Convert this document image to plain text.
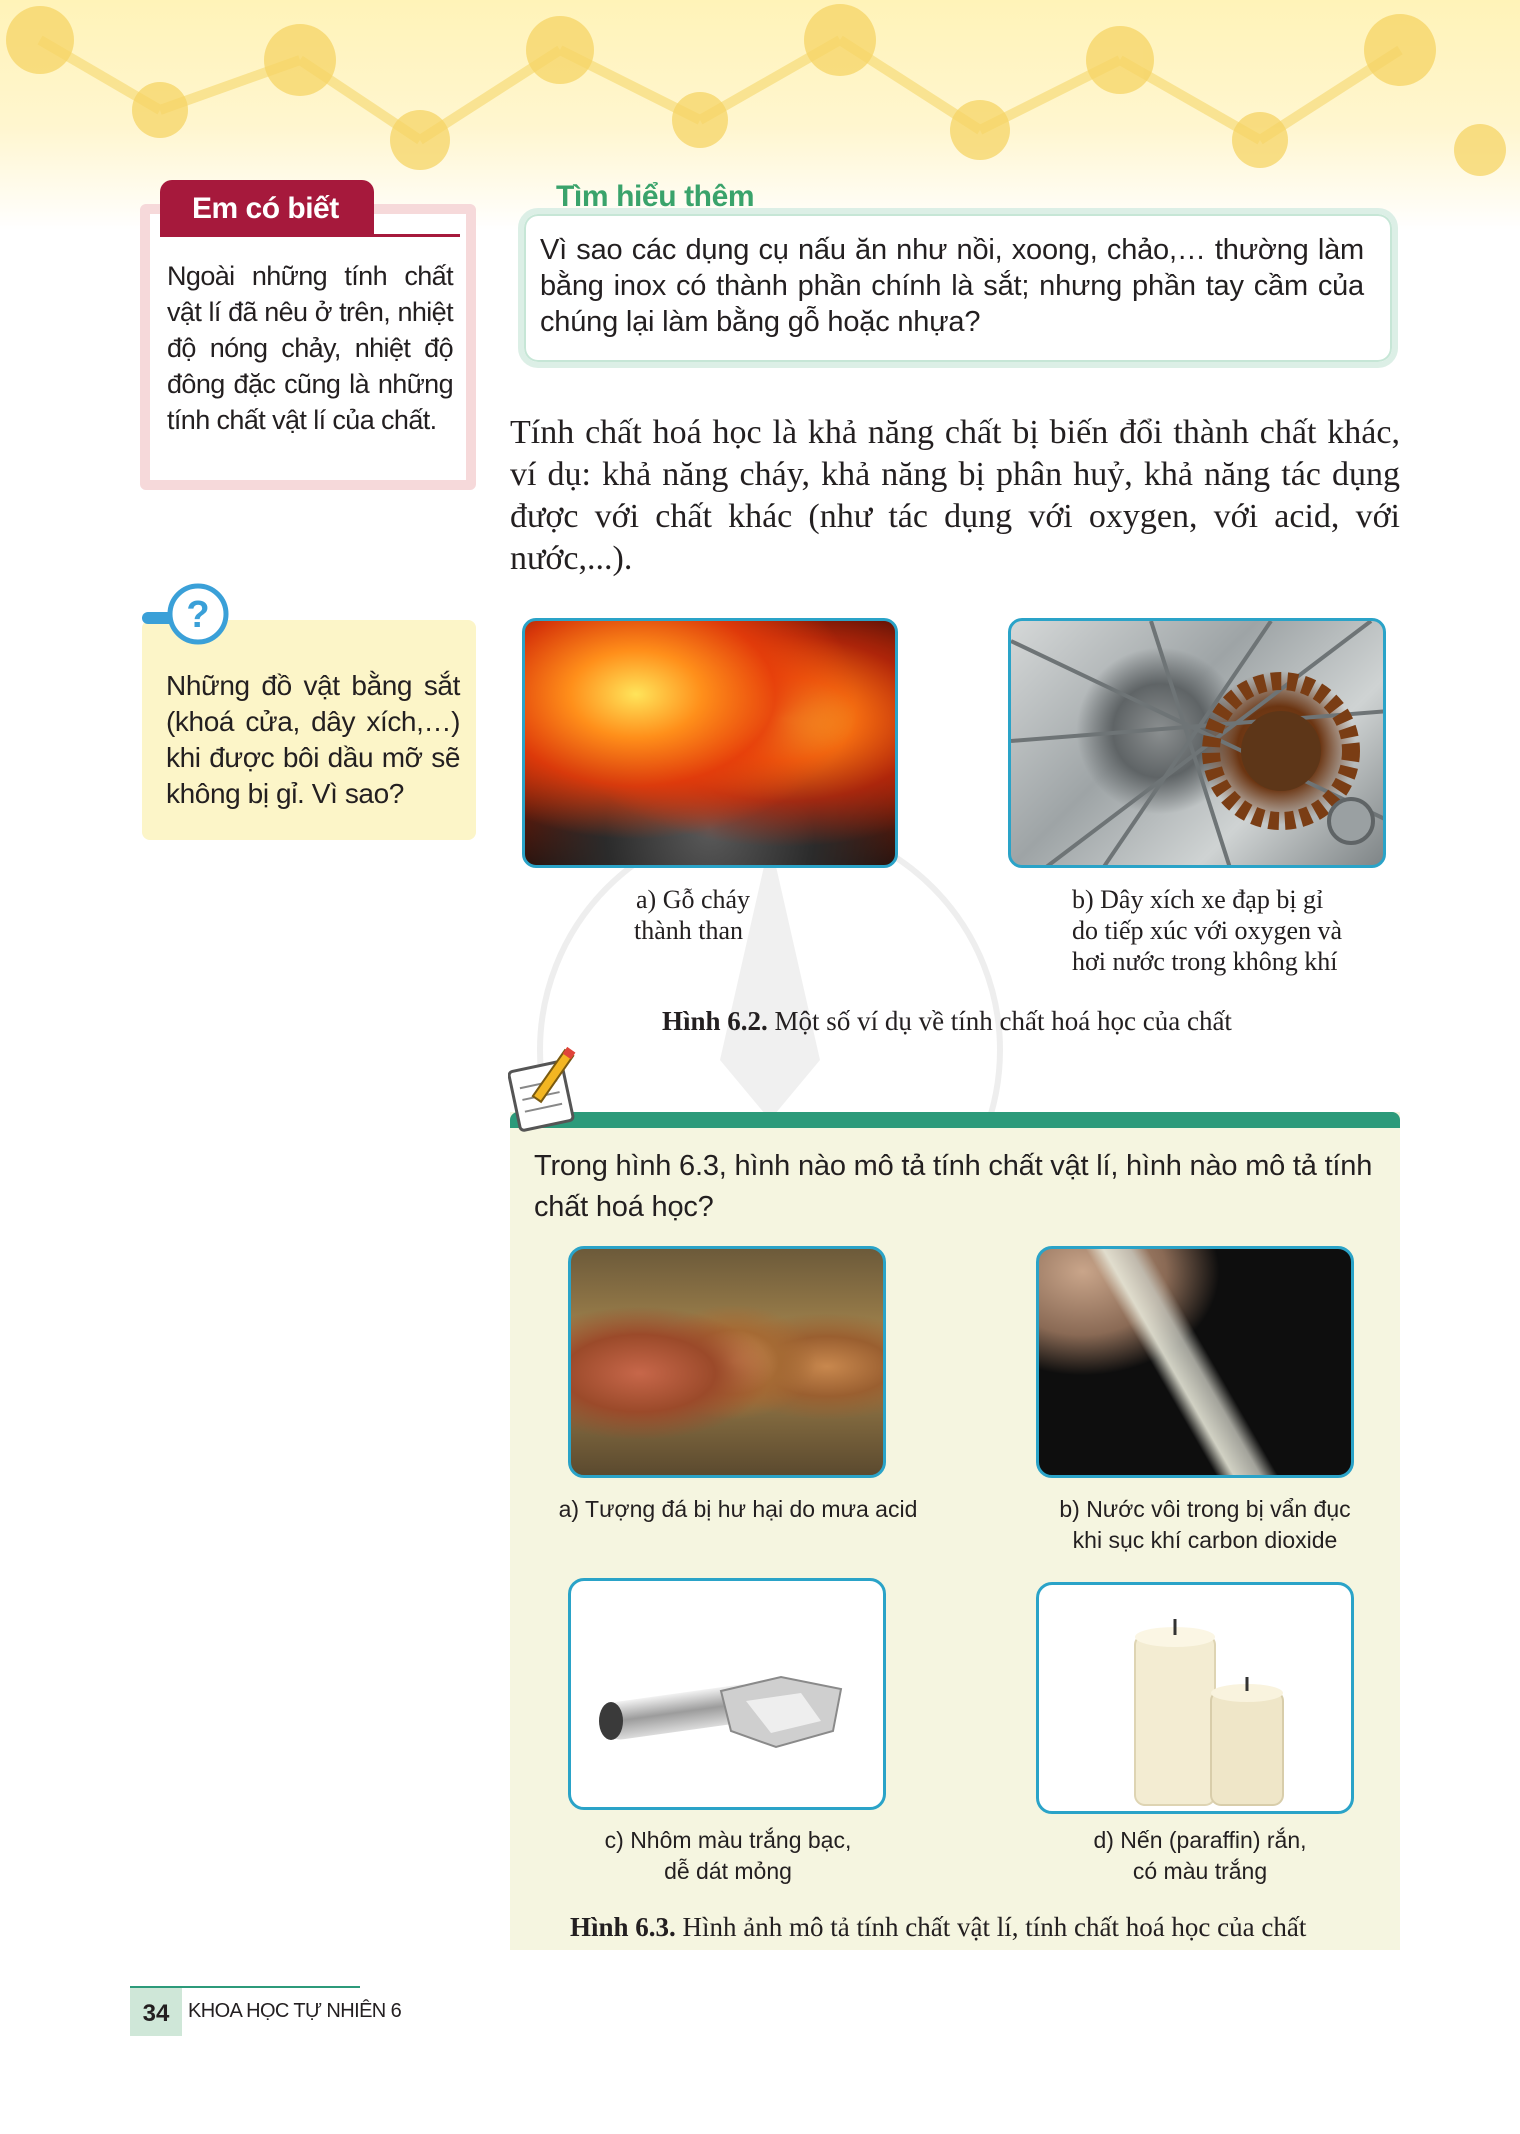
Em có biết
Ngoài những tính chất vật lí đã nêu ở trên, nhiệt độ nóng chảy, nhiệt độ đông đặc cũng là những tính chất vật lí của chất.
?
Những đồ vật bằng sắt (khoá cửa, dây xích,…) khi được bôi dầu mỡ sẽ không bị gỉ. Vì sao?
Tìm hiểu thêm
Vì sao các dụng cụ nấu ăn như nồi, xoong, chảo,… thường làm bằng inox có thành phần chính là sắt; nhưng phần tay cầm của chúng lại làm bằng gỗ hoặc nhựa?
Tính chất hoá học là khả năng chất bị biến đổi thành chất khác, ví dụ: khả năng cháy, khả năng bị phân huỷ, khả năng tác dụng được với chất khác (như tác dụng với oxygen, với acid, với nước,...).
a) Gỗ cháy
thành than
b) Dây xích xe đạp bị gỉ
do tiếp xúc với oxygen và
hơi nước trong không khí
Hình 6.2. Một số ví dụ về tính chất hoá học của chất
Trong hình 6.3, hình nào mô tả tính chất vật lí, hình nào mô tả tính chất hoá học?
a) Tượng đá bị hư hại do mưa acid	b) Nước vôi trong bị vẩn đục
khi sục khí carbon dioxide
c) Nhôm màu trắng bạc,
dễ dát mỏng
d) Nến (paraffin) rắn,
có màu trắng
Hình 6.3. Hình ảnh mô tả tính chất vật lí, tính chất hoá học của chất
34 KHOA HỌC TỰ NHIÊN 6
